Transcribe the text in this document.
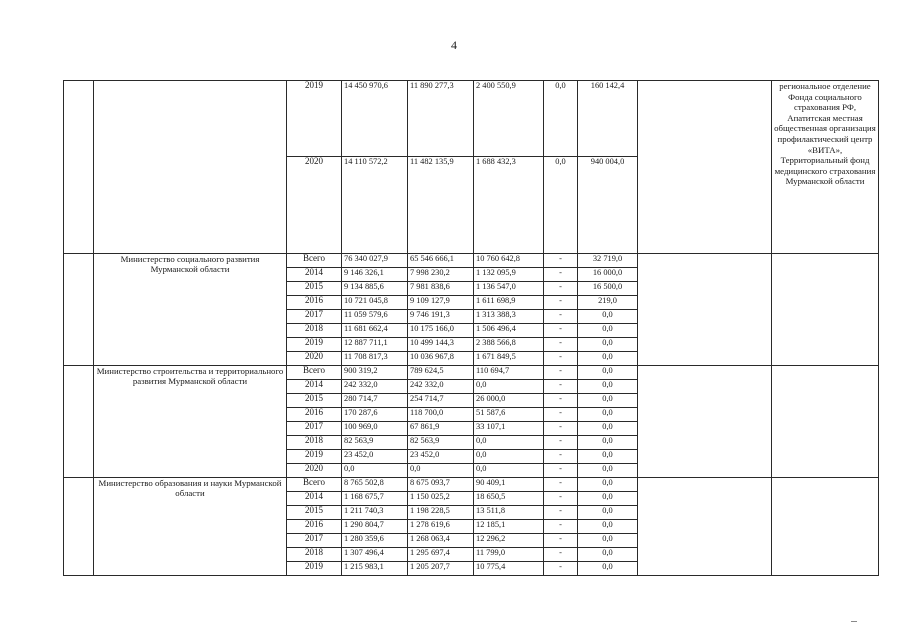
4
		2019	14 450 970,6	11 890 277,3	2 400 550,9	0,0	160 142,4		региональное отделение Фонда социального страхования РФ, Апатитская местная общественная организация профилактический центр «ВИТА», Территориальный фонд медицинского страхования Мурманской области
		2020	14 110 572,2	11 482 135,9	1 688 432,3	0,0	940 004,0		
	Министерство социального развития Мурманской области	Всего	76 340 027,9	65 546 666,1	10 760 642,8	-	32 719,0		
		2014	9 146 326,1	7 998 230,2	1 132 095,9	-	16 000,0		
		2015	9 134 885,6	7 981 838,6	1 136 547,0	-	16 500,0		
		2016	10 721 045,8	9 109 127,9	1 611 698,9	-	219,0		
		2017	11 059 579,6	9 746 191,3	1 313 388,3	-	0,0		
		2018	11 681 662,4	10 175 166,0	1 506 496,4	-	0,0		
		2019	12 887 711,1	10 499 144,3	2 388 566,8	-	0,0		
		2020	11 708 817,3	10 036 967,8	1 671 849,5	-	0,0		
	Министерство строительства и территориального развития Мурманской области	Всего	900 319,2	789 624,5	110 694,7	-	0,0		
		2014	242 332,0	242 332,0	0,0	-	0,0		
		2015	280 714,7	254 714,7	26 000,0	-	0,0		
		2016	170 287,6	118 700,0	51 587,6	-	0,0		
		2017	100 969,0	67 861,9	33 107,1	-	0,0		
		2018	82 563,9	82 563,9	0,0	-	0,0		
		2019	23 452,0	23 452,0	0,0	-	0,0		
		2020	0,0	0,0	0,0	-	0,0		
	Министерство образования и науки Мурманской области	Всего	8 765 502,8	8 675 093,7	90 409,1	-	0,0		
		2014	1 168 675,7	1 150 025,2	18 650,5	-	0,0		
		2015	1 211 740,3	1 198 228,5	13 511,8	-	0,0		
		2016	1 290 804,7	1 278 619,6	12 185,1	-	0,0		
		2017	1 280 359,6	1 268 063,4	12 296,2	-	0,0		
		2018	1 307 496,4	1 295 697,4	11 799,0	-	0,0		
		2019	1 215 983,1	1 205 207,7	10 775,4	-	0,0		
